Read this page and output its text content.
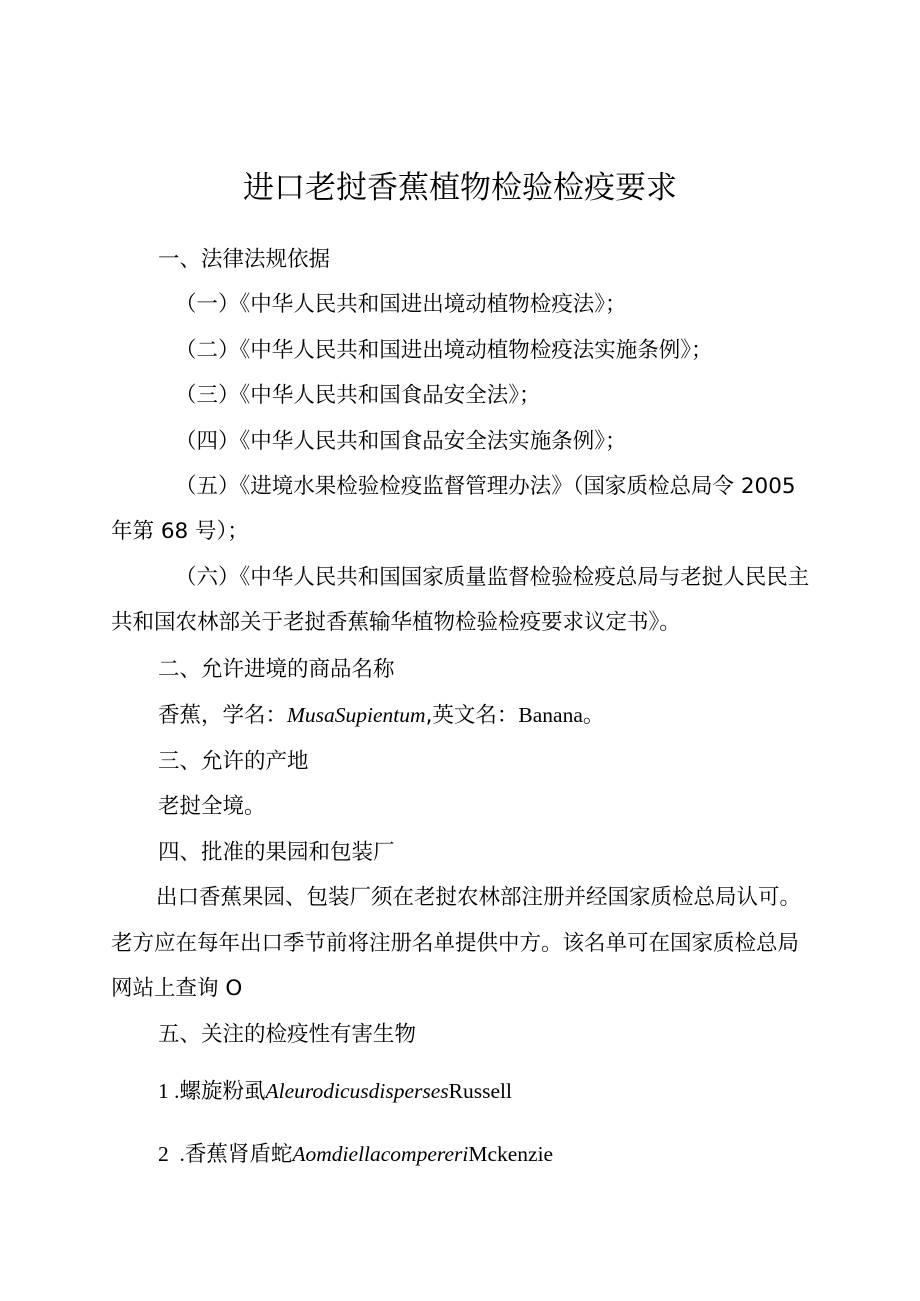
进口老挝香蕉植物检验检疫要求
一、法律法规依据
（一）《中华人民共和国进出境动植物检疫法》；
（二）《中华人民共和国进出境动植物检疫法实施条例》；
（三）《中华人民共和国食品安全法》；
（四）《中华人民共和国食品安全法实施条例》；
（五）《进境水果检验检疫监督管理办法》（国家质检总局令 2005
年第 68 号）；
（六）《中华人民共和国国家质量监督检验检疫总局与老挝人民民主
共和国农林部关于老挝香蕉输华植物检验检疫要求议定书》。
二、允许进境的商品名称
香蕉，学名：MusaSupientum,英文名：Banana。
三、允许的产地
老挝全境。
四、批准的果园和包装厂
出口香蕉果园、包装厂须在老挝农林部注册并经国家质检总局认可。
老方应在每年出口季节前将注册名单提供中方。该名单可在国家质检总局
网站上查询 O
五、关注的检疫性有害生物
1 .螺旋粉虱AleurodicusdispersesRussell
2  .香蕉肾盾蛇AomdiellacompereriMckenzie
